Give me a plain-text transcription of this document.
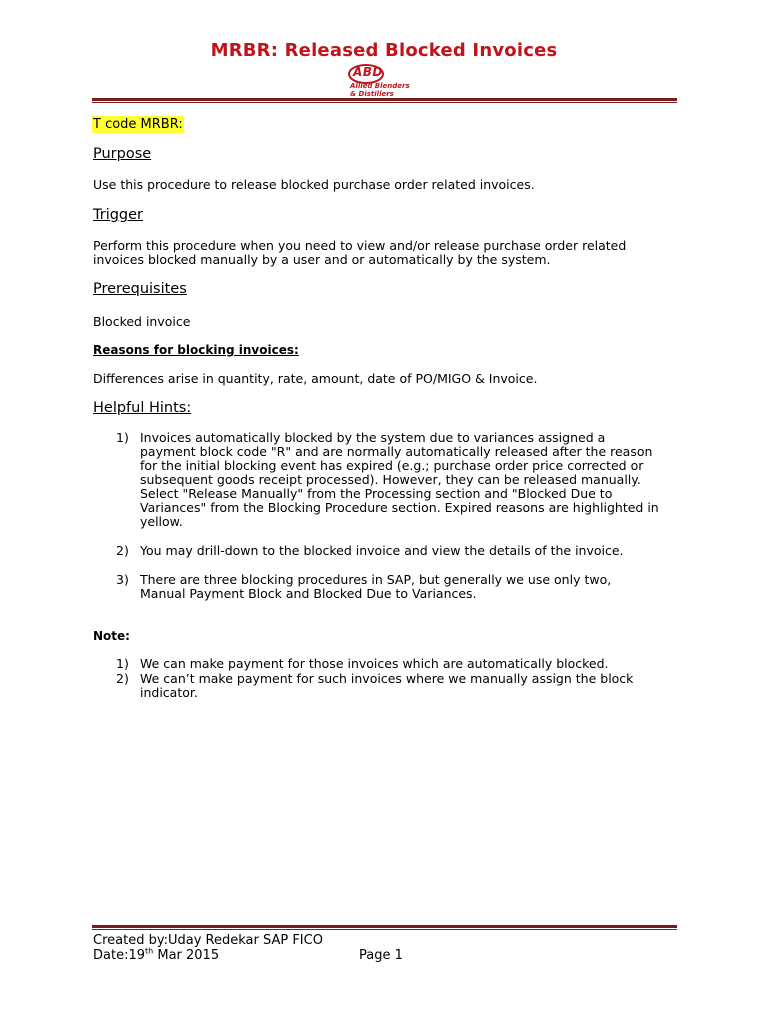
MRBR: Released Blocked Invoices
ABD
Allied Blenders
& Distillers
T code MRBR:
Purpose
Use this procedure to release blocked purchase order related invoices.
Trigger
Perform this procedure when you need to view and/or release purchase order related
invoices blocked manually by a user and or automatically by the system.
Prerequisites
Blocked invoice
Reasons for blocking invoices:
Differences arise in quantity, rate, amount, date of PO/MIGO & Invoice.
Helpful Hints:
1) Invoices automatically blocked by the system due to variances assigned a
payment block code "R" and are normally automatically released after the reason
for the initial blocking event has expired (e.g.; purchase order price corrected or
subsequent goods receipt processed). However, they can be released manually.
Select "Release Manually" from the Processing section and "Blocked Due to
Variances" from the Blocking Procedure section. Expired reasons are highlighted in
yellow.
2) You may drill-down to the blocked invoice and view the details of the invoice.
3) There are three blocking procedures in SAP, but generally we use only two,
Manual Payment Block and Blocked Due to Variances.
Note:
1) We can make payment for those invoices which are automatically blocked.
2) We can’t make payment for such invoices where we manually assign the block
indicator.
Created by:Uday Redekar SAP FICO
Date:19th Mar 2015	Page 1
